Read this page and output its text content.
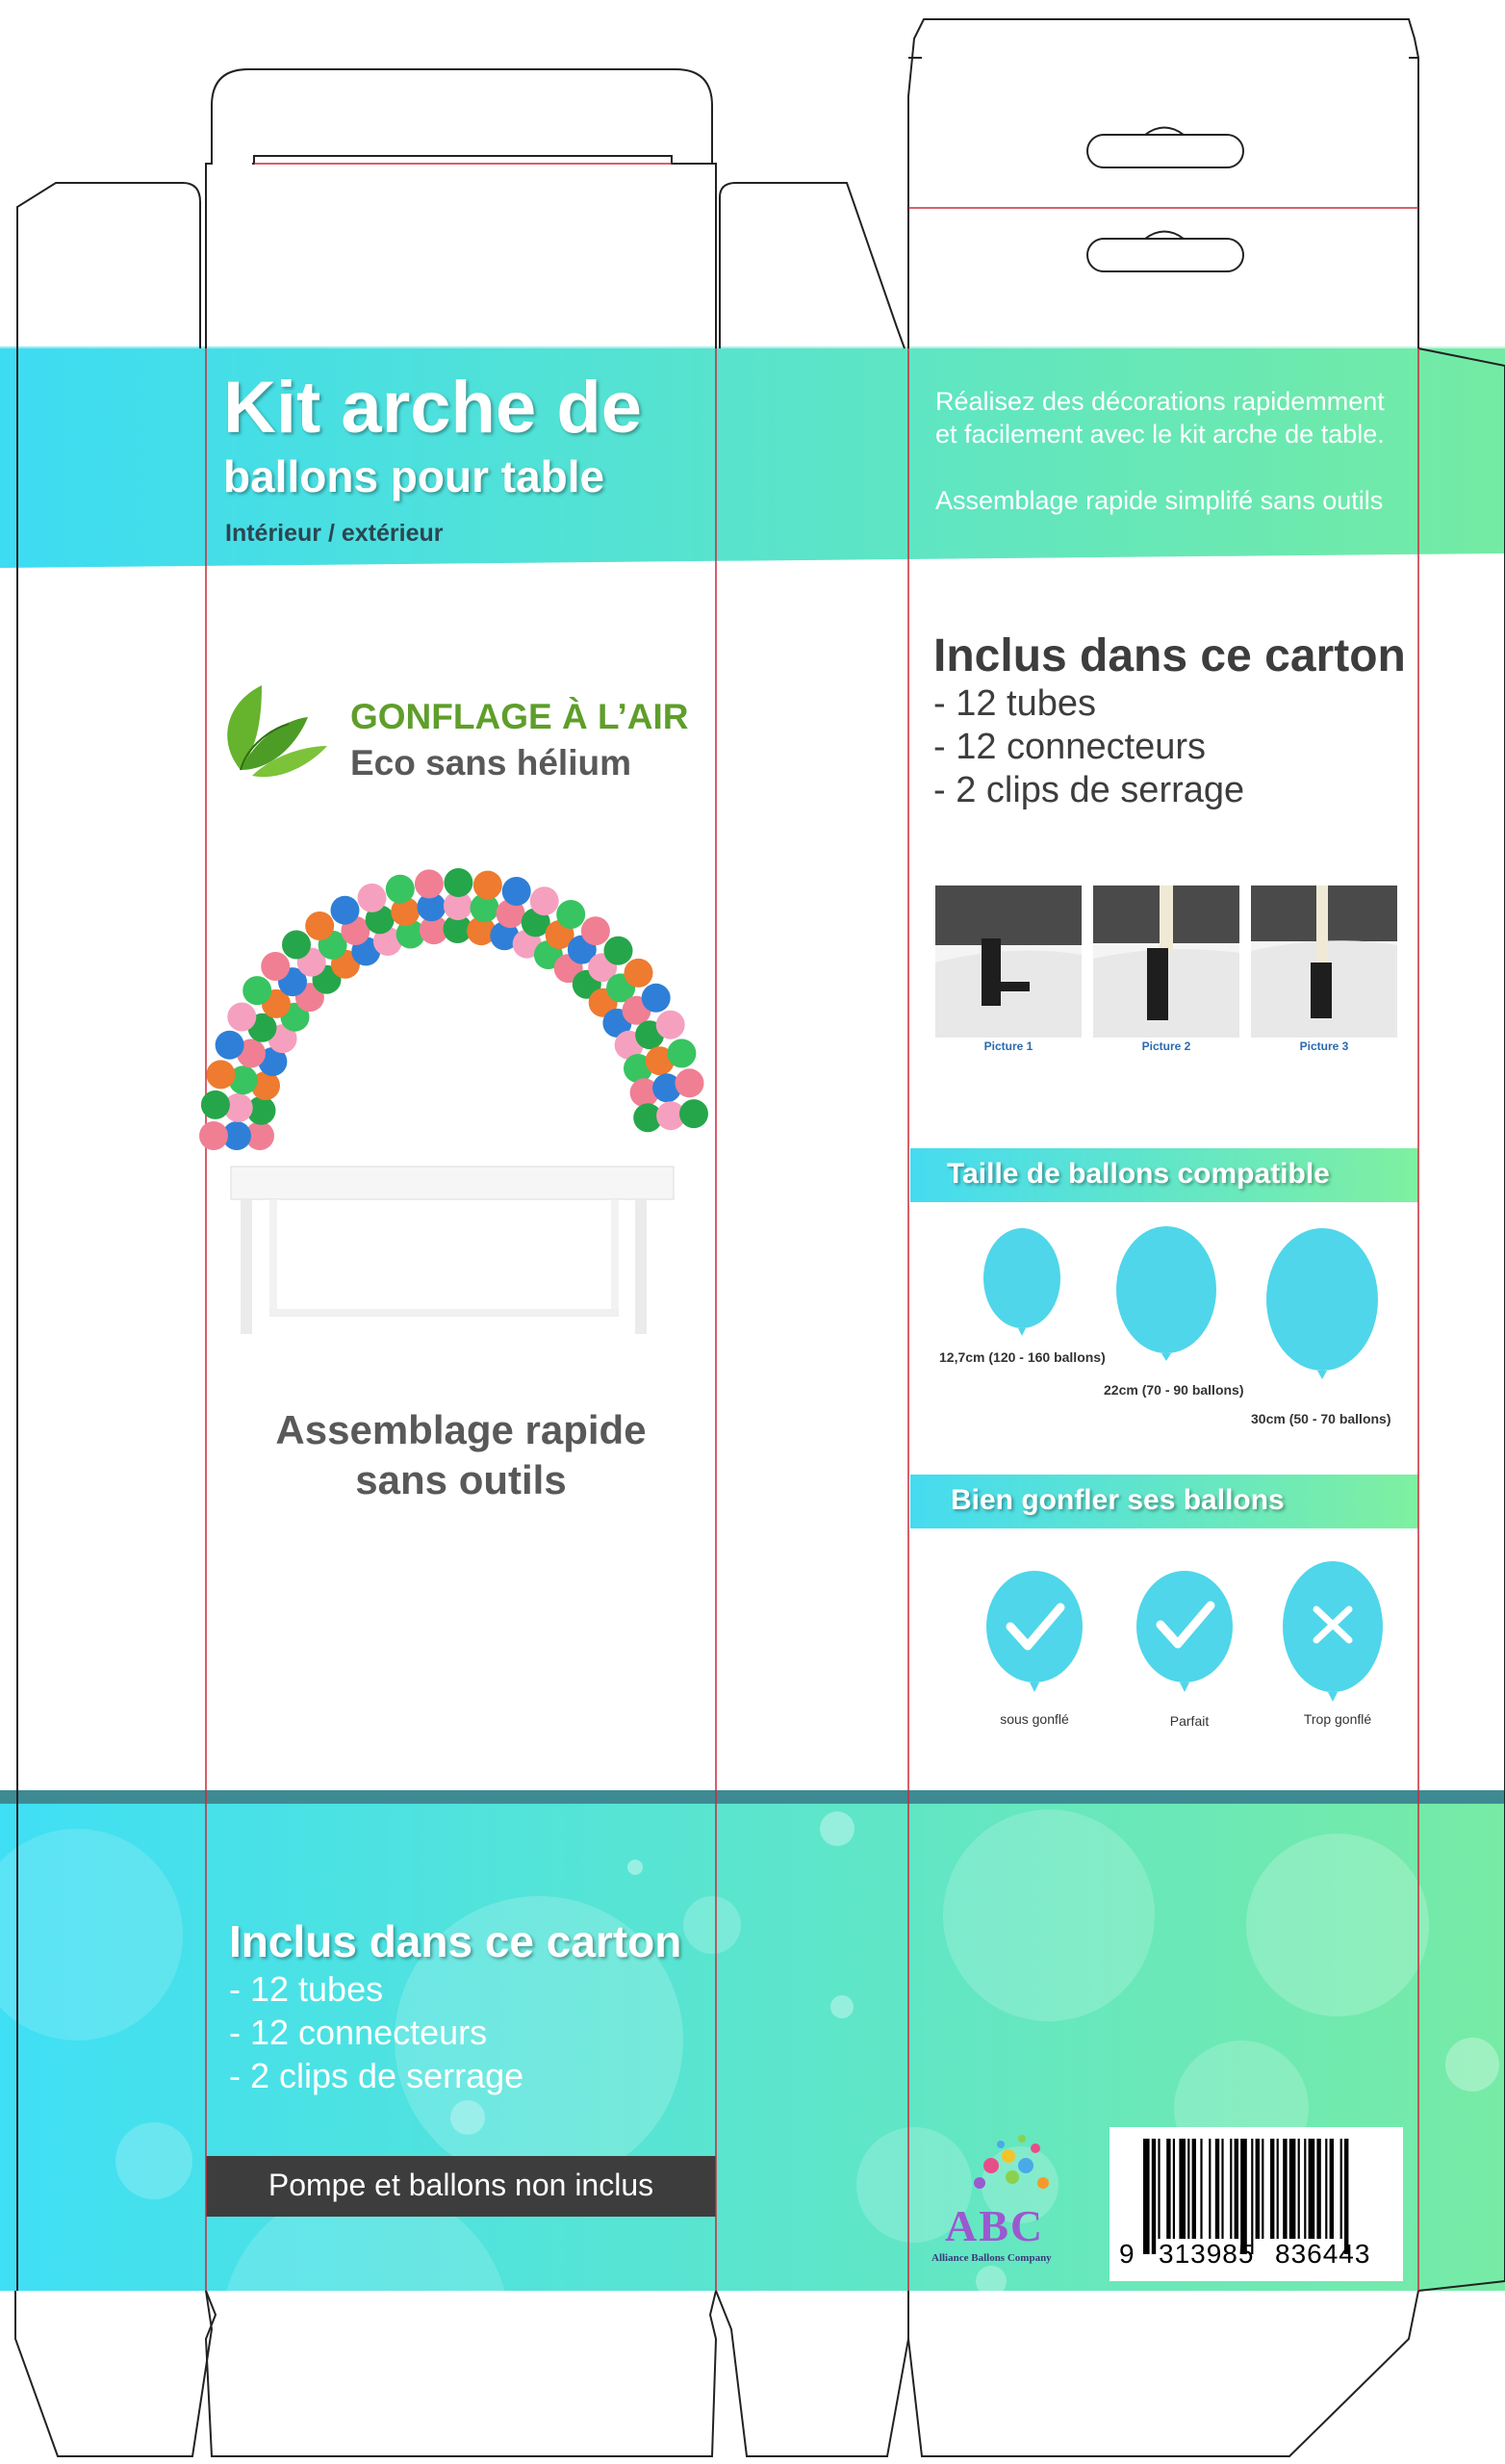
Kit arche de
ballons pour table
Intérieur / extérieur
GONFLAGE À L’AIR
Eco sans hélium
Assemblage rapide
sans outils
Réalisez des décorations rapidemment
et facilement avec le kit arche de table.
Assemblage rapide simplifé sans outils
Inclus dans ce carton
- 12 tubes
- 12 connecteurs
- 2 clips de serrage
Picture 1	Picture 2	Picture 3
Taille de ballons compatible
12,7cm (120 - 160 ballons)
22cm (70 - 90 ballons)
30cm (50 - 70 ballons)
Bien gonfler ses ballons
sous gonflé	Parfait	Trop gonflé
Inclus dans ce carton
- 12 tubes
- 12 connecteurs
- 2 clips de serrage
Pompe et ballons non inclus
ABC
Alliance Ballons Company	9 313985 836443
